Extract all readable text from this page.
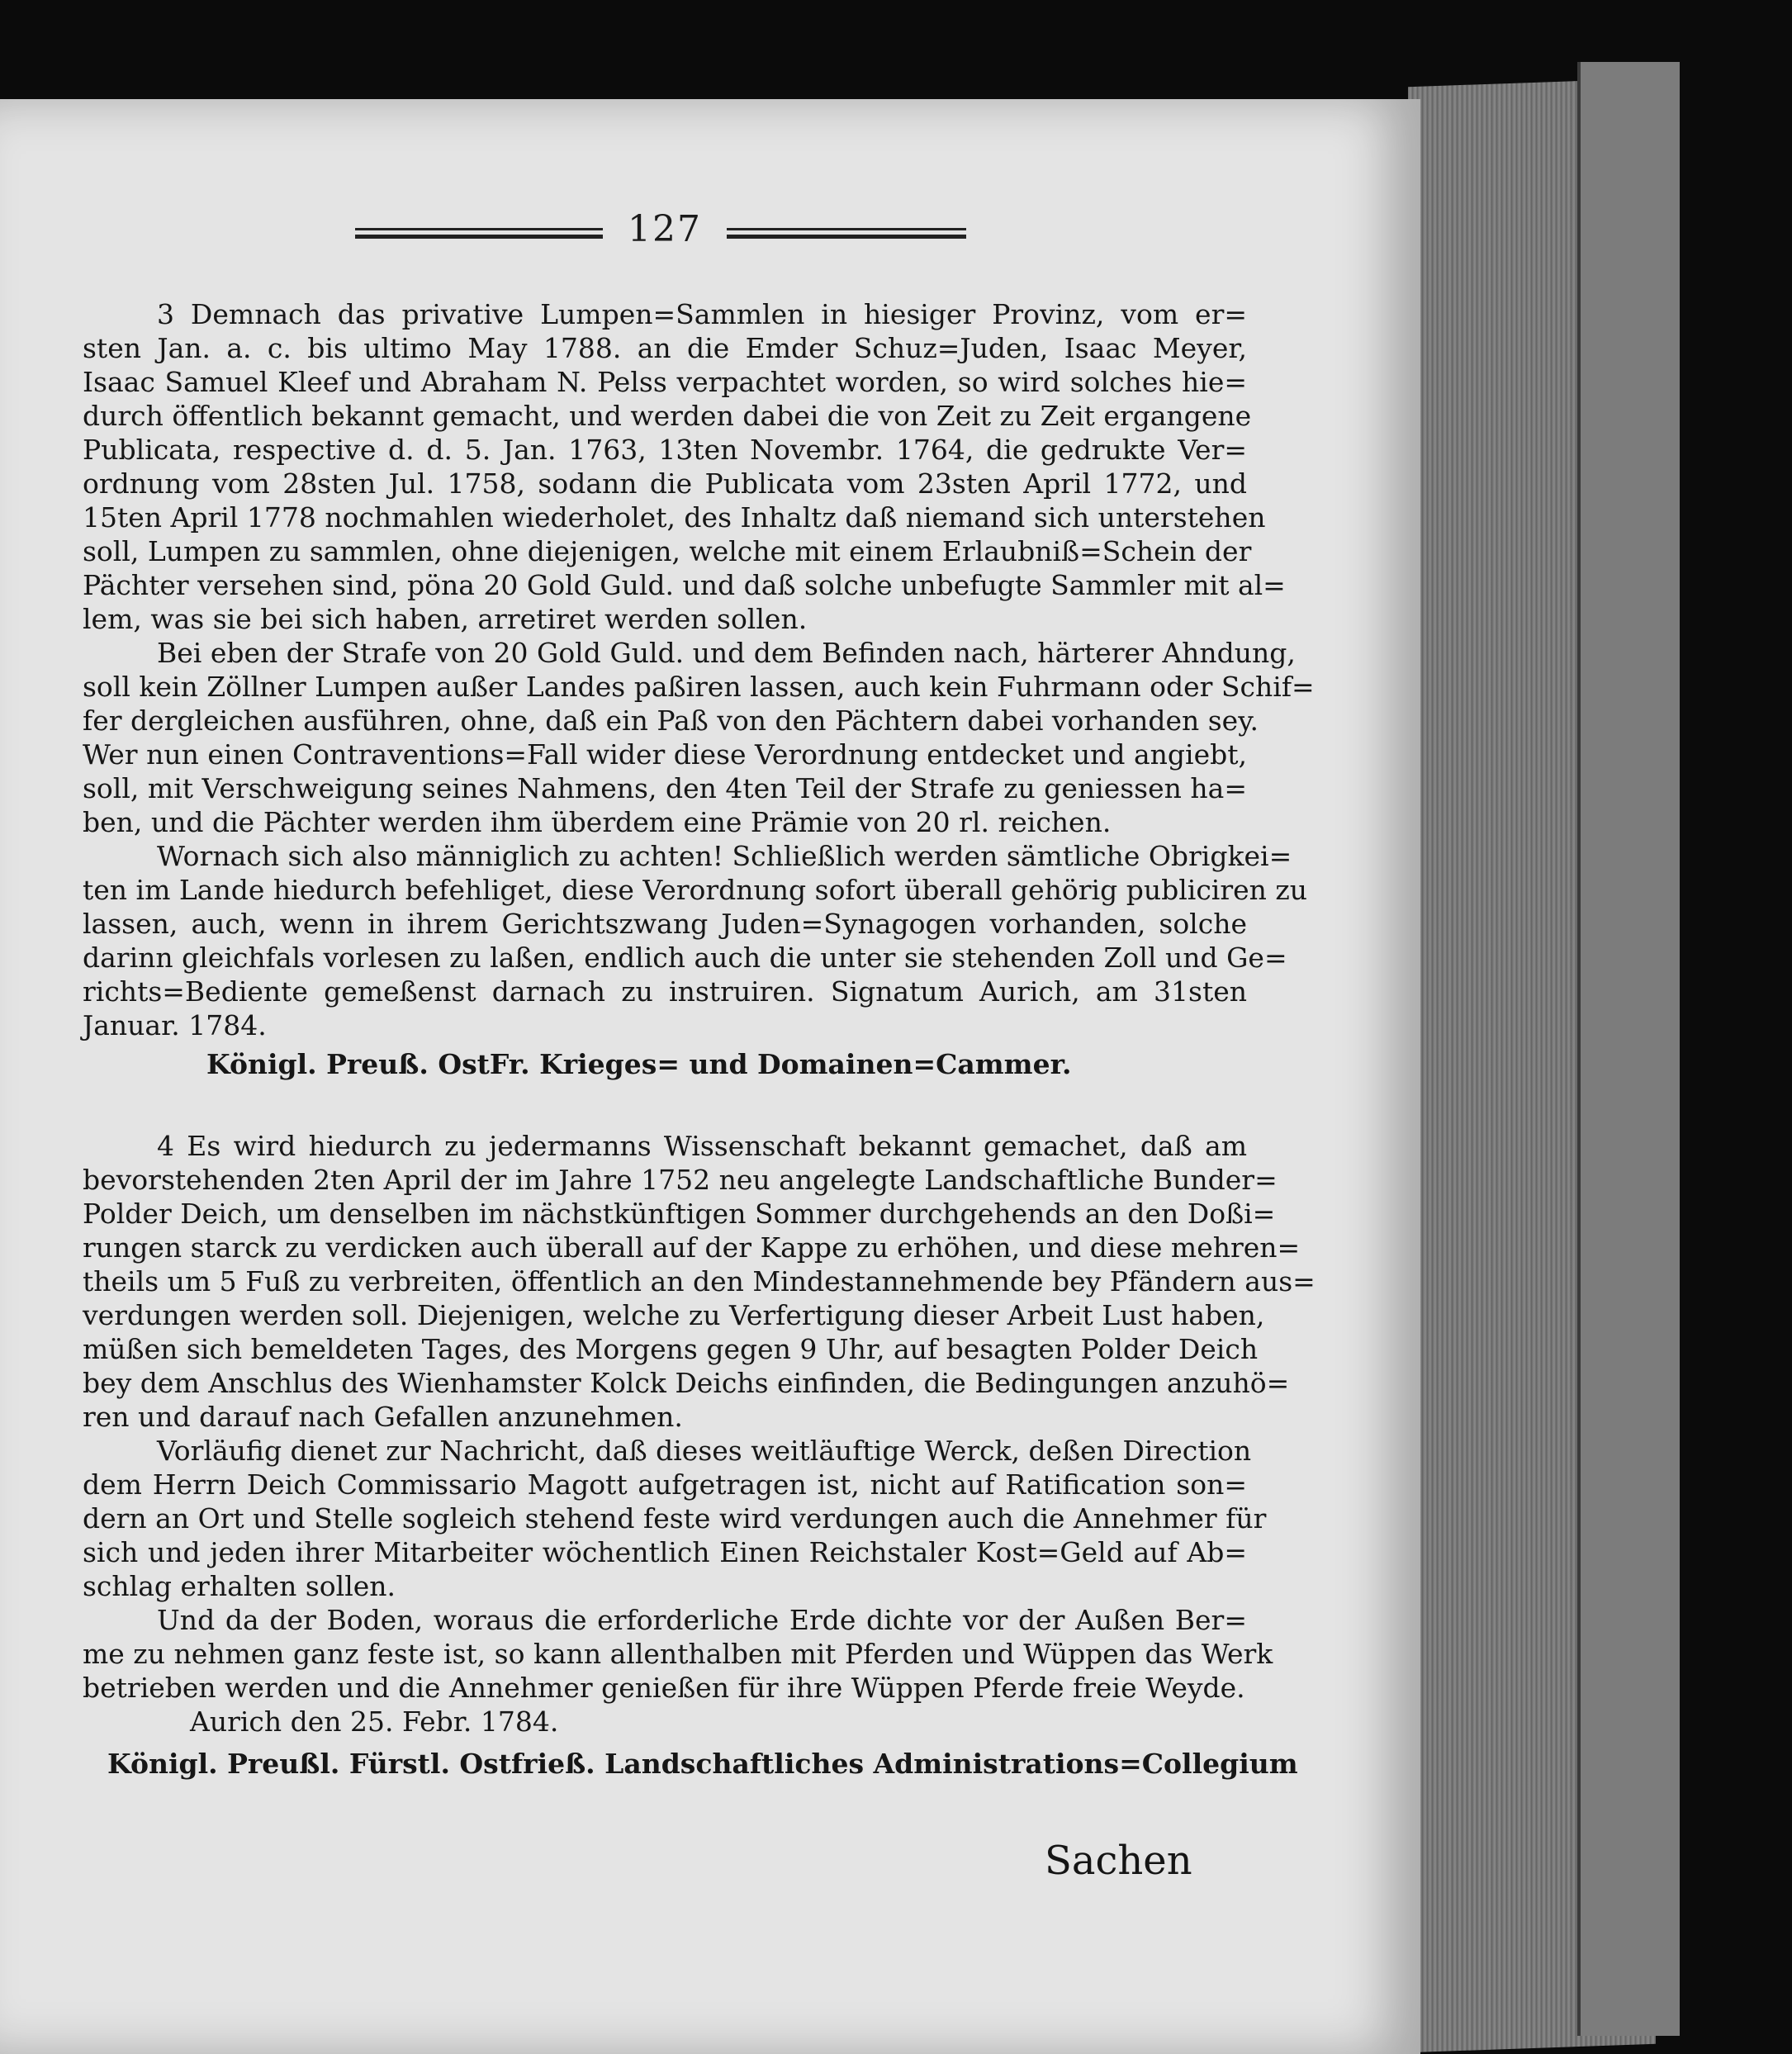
127
3 Demnach das privative Lumpen=Sammlen in hiesiger Provinz, vom er=
sten Jan. a. c. bis ultimo May 1788. an die Emder Schuz=Juden, Isaac Meyer,
Isaac Samuel Kleef und Abraham N. Pelss verpachtet worden, so wird solches hie=
durch öffentlich bekannt gemacht, und werden dabei die von Zeit zu Zeit ergangene
Publicata, respective d. d. 5. Jan. 1763, 13ten Novembr. 1764, die gedrukte Ver=
ordnung vom 28sten Jul. 1758, sodann die Publicata vom 23sten April 1772, und
15ten April 1778 nochmahlen wiederholet, des Inhaltz daß niemand sich unterstehen
soll, Lumpen zu sammlen, ohne diejenigen, welche mit einem Erlaubniß=Schein der
Pächter versehen sind, pöna 20 Gold Guld. und daß solche unbefugte Sammler mit al=
lem, was sie bei sich haben, arretiret werden sollen.
Bei eben der Strafe von 20 Gold Guld. und dem Befinden nach, härterer Ahndung,
soll kein Zöllner Lumpen außer Landes paßiren lassen, auch kein Fuhrmann oder Schif=
fer dergleichen ausführen, ohne, daß ein Paß von den Pächtern dabei vorhanden sey.
Wer nun einen Contraventions=Fall wider diese Verordnung entdecket und angiebt,
soll, mit Verschweigung seines Nahmens, den 4ten Teil der Strafe zu geniessen ha=
ben, und die Pächter werden ihm überdem eine Prämie von 20 rl. reichen.
Wornach sich also männiglich zu achten! Schließlich werden sämtliche Obrigkei=
ten im Lande hiedurch befehliget, diese Verordnung sofort überall gehörig publiciren zu
lassen, auch, wenn in ihrem Gerichtszwang Juden=Synagogen vorhanden, solche
darinn gleichfals vorlesen zu laßen, endlich auch die unter sie stehenden Zoll und Ge=
richts=Bediente gemeßenst darnach zu instruiren. Signatum Aurich, am 31sten
Januar. 1784.
Königl. Preuß. OstFr. Krieges= und Domainen=Cammer.
4 Es wird hiedurch zu jedermanns Wissenschaft bekannt gemachet, daß am
bevorstehenden 2ten April der im Jahre 1752 neu angelegte Landschaftliche Bunder=
Polder Deich, um denselben im nächstkünftigen Sommer durchgehends an den Doßi=
rungen starck zu verdicken auch überall auf der Kappe zu erhöhen, und diese mehren=
theils um 5 Fuß zu verbreiten, öffentlich an den Mindestannehmende bey Pfändern aus=
verdungen werden soll. Diejenigen, welche zu Verfertigung dieser Arbeit Lust haben,
müßen sich bemeldeten Tages, des Morgens gegen 9 Uhr, auf besagten Polder Deich
bey dem Anschlus des Wienhamster Kolck Deichs einfinden, die Bedingungen anzuhö=
ren und darauf nach Gefallen anzunehmen.
Vorläufig dienet zur Nachricht, daß dieses weitläuftige Werck, deßen Direction
dem Herrn Deich Commissario Magott aufgetragen ist, nicht auf Ratification son=
dern an Ort und Stelle sogleich stehend feste wird verdungen auch die Annehmer für
sich und jeden ihrer Mitarbeiter wöchentlich Einen Reichstaler Kost=Geld auf Ab=
schlag erhalten sollen.
Und da der Boden, woraus die erforderliche Erde dichte vor der Außen Ber=
me zu nehmen ganz feste ist, so kann allenthalben mit Pferden und Wüppen das Werk
betrieben werden und die Annehmer genießen für ihre Wüppen Pferde freie Weyde.
Aurich den 25. Febr. 1784.
Königl. Preußl. Fürstl. Ostfrieß. Landschaftliches Administrations=Collegium
Sachen
